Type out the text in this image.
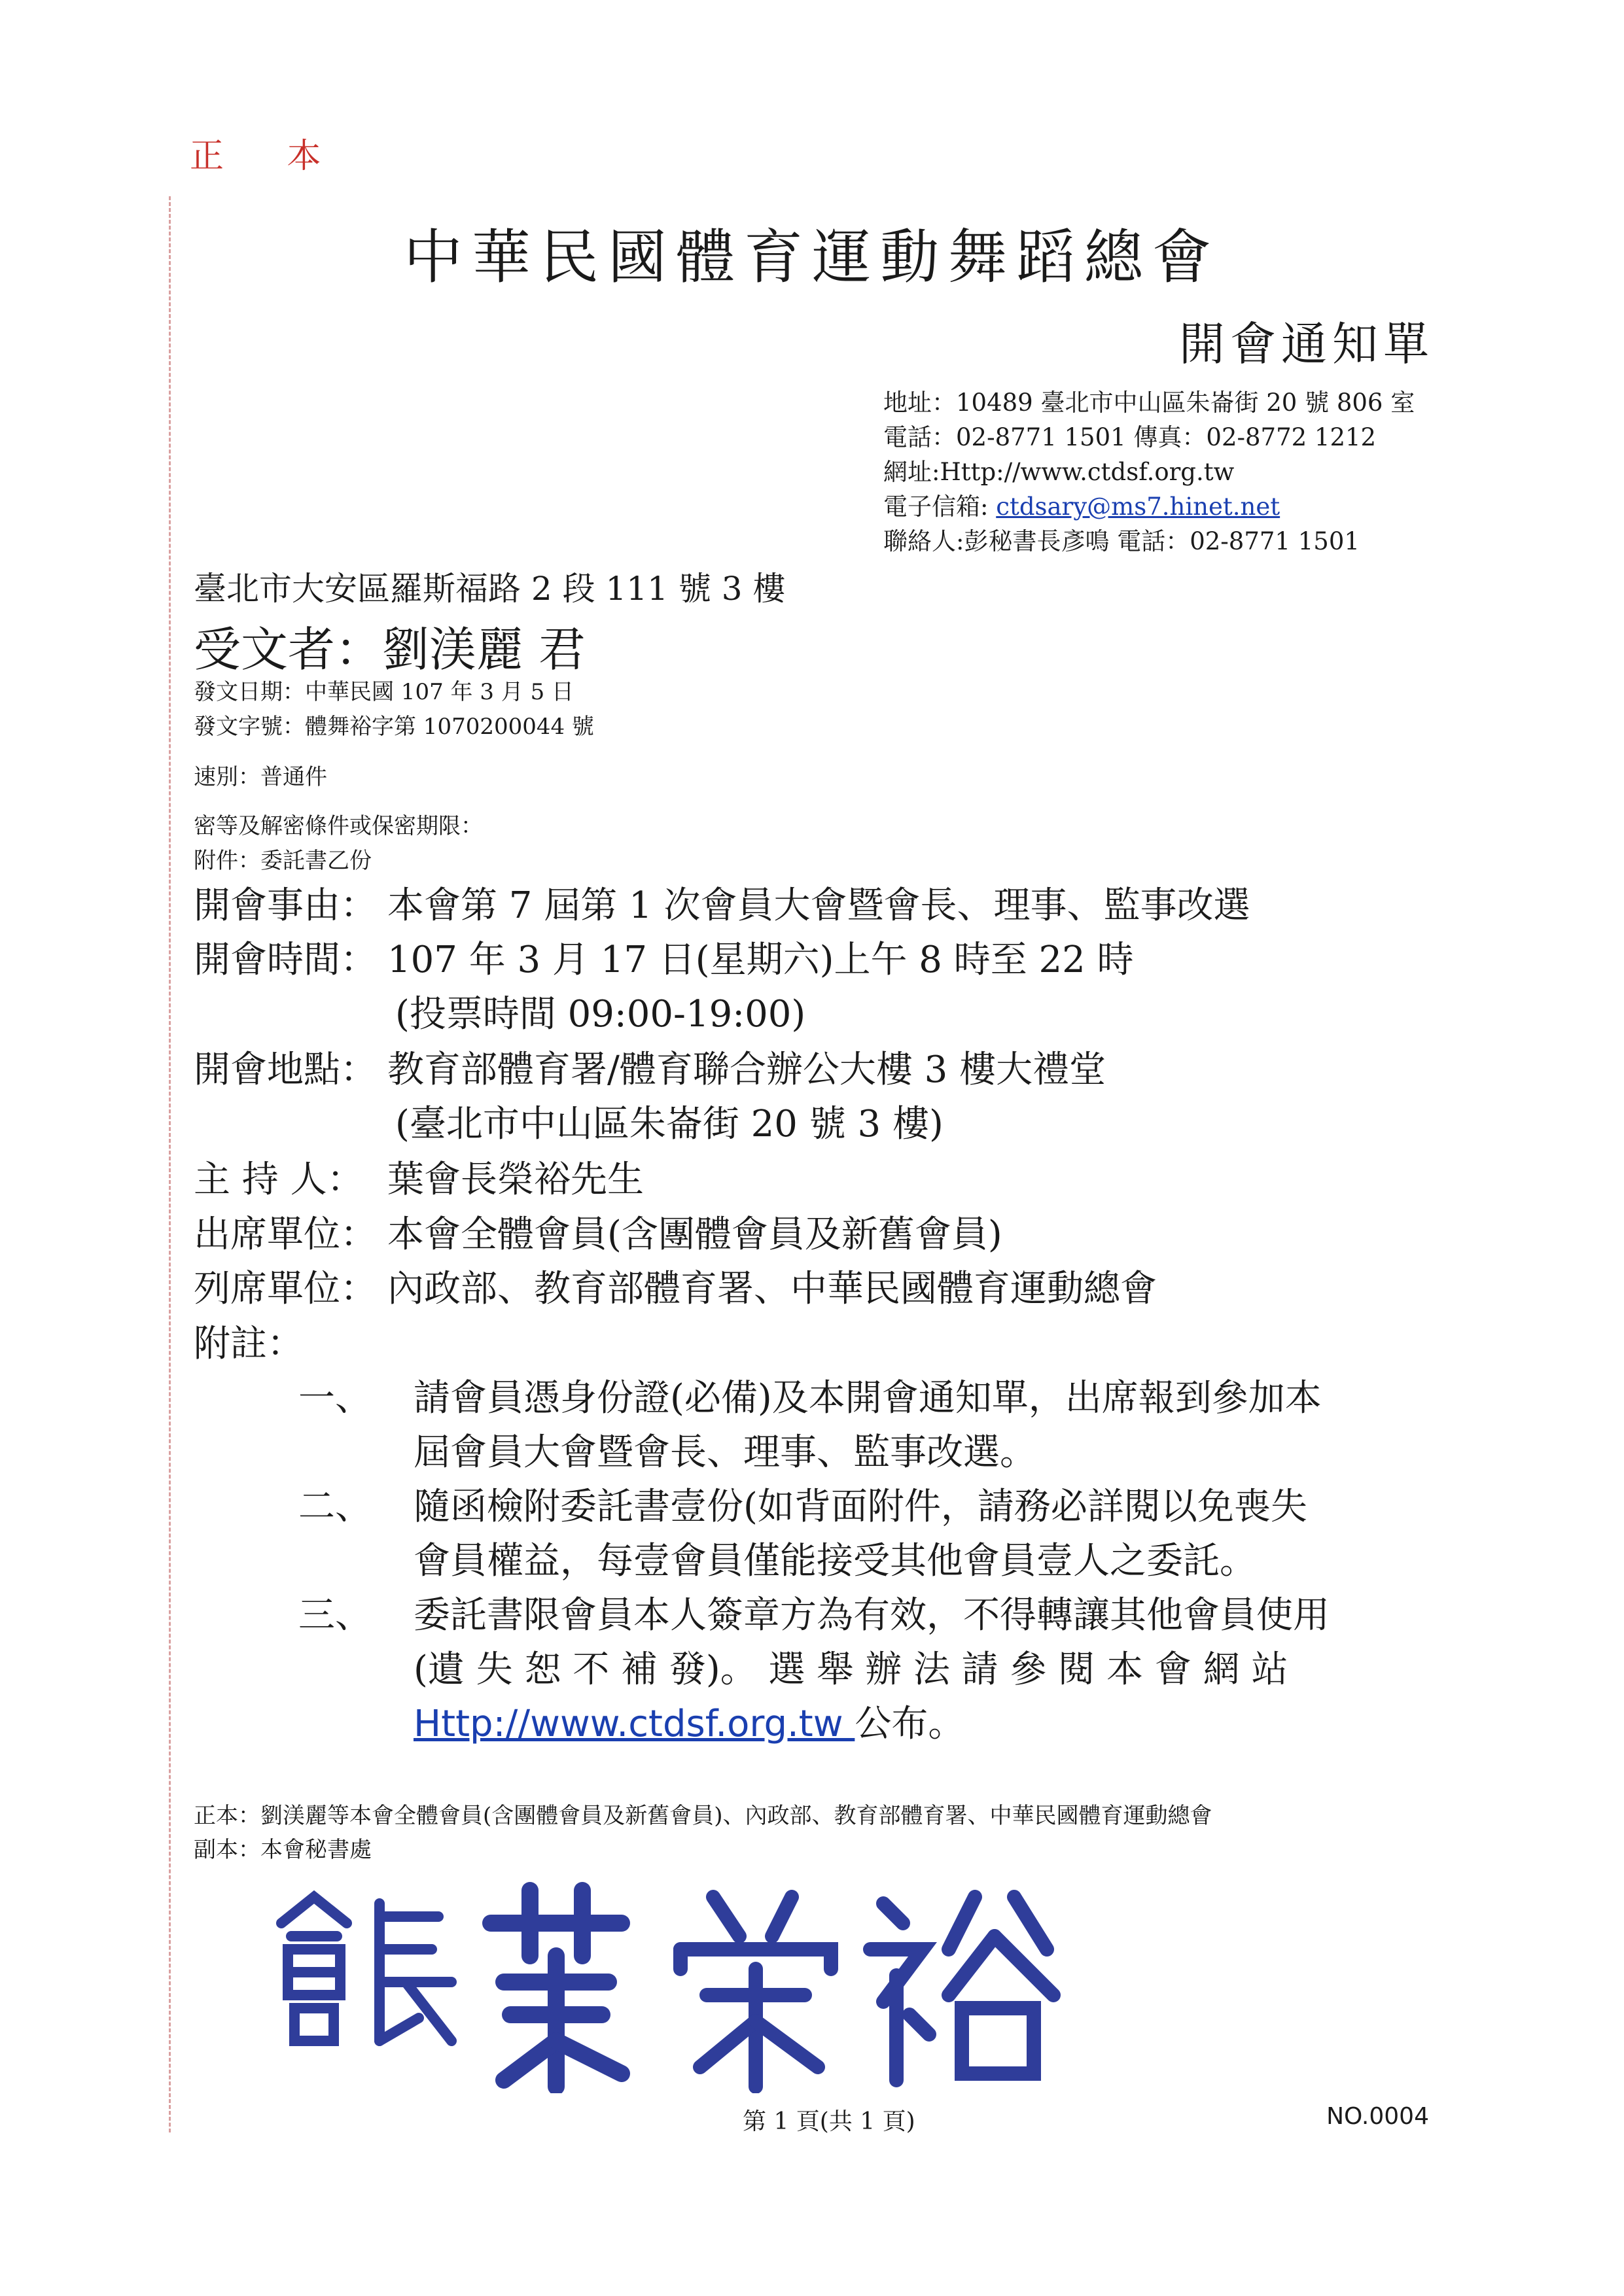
正 本
中華民國體育運動舞蹈總會
開會通知單
地址：10489 臺北市中山區朱崙街 20 號 806 室
電話：02-8771 1501 傳真：02-8772 1212
網址:Http://www.ctdsf.org.tw
電子信箱: ctdsary@ms7.hinet.net
聯絡人:彭秘書長彥鳴 電話：02-8771 1501
臺北市大安區羅斯福路 2 段 111 號 3 樓
受文者：劉渼麗 君
發文日期：中華民國 107 年 3 月 5 日
發文字號：體舞裕字第 1070200044 號
速別：普通件
密等及解密條件或保密期限：
附件：委託書乙份
開會事由： 本會第 7 屆第 1 次會員大會暨會長、理事、監事改選
開會時間： 107 年 3 月 17 日(星期六)上午 8 時至 22 時
(投票時間 09:00-19:00)
開會地點： 教育部體育署/體育聯合辦公大樓 3 樓大禮堂
(臺北市中山區朱崙街 20 號 3 樓)
主 持 人： 葉會長榮裕先生
出席單位： 本會全體會員(含團體會員及新舊會員)
列席單位： 內政部、教育部體育署、中華民國體育運動總會
附註：
一、 請會員憑身份證(必備)及本開會通知單，出席報到參加本
屆會員大會暨會長、理事、監事改選。
二、 隨函檢附委託書壹份(如背面附件，請務必詳閱以免喪失
會員權益，每壹會員僅能接受其他會員壹人之委託。
三、 委託書限會員本人簽章方為有效，不得轉讓其他會員使用
(遺 失 恕 不 補 發)。 選 舉 辦 法 請 參 閱 本 會 網 站
Http://www.ctdsf.org.tw 公布。
正本：劉渼麗等本會全體會員(含團體會員及新舊會員)、內政部、教育部體育署、中華民國體育運動總會
副本：本會秘書處
第 1 頁(共 1 頁)	NO.0004
